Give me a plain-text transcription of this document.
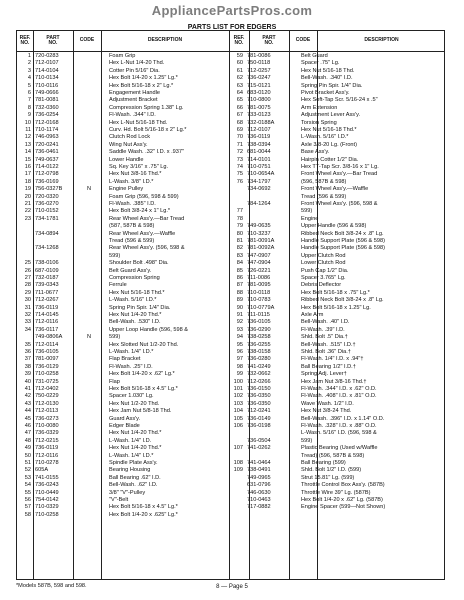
AppliancePartsPros.com
PARTS LIST FOR EDGERS
REF.
NO.
PART
NO.	CODE	DESCRIPTION	REF.
NO.
PART
NO.	CODE	DESCRIPTION
1 720-0283	Foam Grip
2 712-0107	Hex L-Nut 1/4-20 Thd.
3 714-0104	Cotter Pin 5/16" Dia.
4 710-0134	Hex Bolt 1/4-20 x 1.25" Lg.*
5 710-0116	Hex Bolt 5/16-18 x 2" Lg.*
6 749-0666	Engagement Handle
7 781-0081	Adjustment Bracket
8 732-0360	Compression Spring 1.38" Lg.
9 736-0254	Fl-Wash. .344" I.D.
10 712-0168	Hex L-Nut 5/16-18 Thd.
11 710-1174	Curv. Hd. Bolt 5/16-18 x 2" Lg.*
12 746-0963	Clutch Rod Lock
13 720-0241	Wing Nut Ass'y.
14 736-0461	Saddle Wash. .32" I.D. x .937"
15 749-0637	Lower Handle
16 714-0122	Sq. Key 3/16" x .75" Lg.
17 712-0798	Hex Nut 3/8-16 Thd.*
18 736-0169	L-Wash. 3/8" I.D.*
19 756-0327B	N	Engine Pulley
20 720-0320	Foam Grip (596, 598 & 599)
21 736-0270	Fl-Wash. .385" I.D.
22 710-0152	Hex Bolt 3/8-24 x 1" Lg.*
23 734-1781	Rear Wheel Ass'y.—Bar Tread
(587, 587B & 598)
734-0894	Rear Wheel Ass'y.—Waffle
Tread (596 & 599)
734-1268	Rear Wheel Ass'y. (596, 598 &
599)
25 738-0106	Shoulder Bolt .498" Dia.
26 687-0109	Belt Guard Ass'y.
27 732-0187	Compression Spring
28 739-0343	Ferrule
29 711-0677	Hex Nut 5/16-18 Thd.*
30 712-0267	L-Wash. 5/16" I.D.*
31 736-0119	Spring Pin Spir. 1/4" Dia.
32 714-0145	Hex Nut 1/4-20 Thd.*
33 712-0116	Bell-Wash. .530" I.D.
34 736-0117	Upper Loop Handle (596, 598 &
749-0806A	N	599)
35 712-0114	Hex Slotted Nut 1/2-20 Thd.
36 736-0105	L-Wash. 1/4" I.D.*
37 781-0097	Flap Bracket
38 736-0129	Fl-Wash. .25" I.D.
39 710-0258	Hex Bolt 1/4-20 x .62" Lg.*
40 731-0725	Flap
41 712-0402	Hex Bolt 5/16-18 x 4.5" Lg.*
42 750-0229	Spacer 1.030" Lg.
43 712-0130	Hex Nut 1/2-20 Thd.
44 712-0113	Hex Jam Nut 5/8-18 Thd.
45 736-0273	Guard Ass'y.
46 710-0080	Edger Blade
47 736-0329	Hex Nut 1/4-20 Thd.*
48 712-0215	L-Wash. 1/4" I.D.
49 736-0119	Hex Nut 1/4-20 Thd.*
50 712-0116	L-Wash. 1/4" I.D.*
51 710-0278	Spindle Plate Ass'y.
52 605A	Bearing Housing
53 741-0155	Ball Bearing .62" I.D.
54 736-0243	Bell-Wash. .62" I.D.
55 710-0449	3/8" "V"-Pulley
56 754-0142	"V"-Belt
57 710-0329	Hex Bolt 5/16-18 x 4.5" Lg.*
58 710-0258	Hex Bolt 1/4-20 x .625" Lg.*
59 781-0086	Belt Guard
60 750-0118	Spacer .75" Lg.
61 712-0257	Hex Nut 5/16-18 Thd.
62 736-0247	Bell-Wash. .340" I.D.
63 715-0121	Spring Pin Spir. 1/4" Dia.
64 683-0120	Pivot Bracket Ass'y.
65 710-0800	Hex Soft-Tap Scr. 5/16-24 x .5"
66 781-0075	Arm Extension
67 733-0123	Adjustment Lever Ass'y.
68 732-0188A	Torsion Spring
69 712-0107	Hex Nut 5/16-18 Thd.*
70 736-0119	L-Wash. 5/16" I.D.*
71 738-0394	Axle 3/8-20 Lg. (Front)
72 681-0044	Base Ass'y.
73 714-0101	Hairpin Cotter 1/2" Dia.
74 710-0751	Hex TT-Tap Scr. 3/8-16 x 1" Lg.
75 710-0654A	Front Wheel Ass'y.—Bar Tread
76 734-1797	(596, 587B & 598)
734-0692	Front Wheel Ass'y.—Waffle
Tread (596 & 599)
784-1264	Front Wheel Ass'y. (596, 598 &
77	599)
78	Engine
79 749-0635	Upper Handle (596 & 598)
80 710-3237	Ribbed Neck Bolt 3/8-24 x .8" Lg.
81 781-0091A	Handle Support Plate (596 & 598)
82 781-0092A	Handle Support Plate (596 & 598)
83 747-0907	Upper Clutch Rod
84 747-0904	Lower Clutch Rod
85 726-0221	Push Cap 1/2" Dia.
86 711-0086	Spacer 3.765" Lg.
87 781-0095	Debris Deflector
88 710-0118	Hex Bolt 5/16-18 x .75" Lg.*
89 710-0783	Ribbed Neck Bolt 3/8-24 x .8" Lg.
90 710-0779A	Hex Bolt 5/16-18 x 1.25" Lg.
91 711-0115	Axle Arm
92 736-0105	Bell-Wash. .40" I.D.
93 736-0290	Fl-Wash. .39" I.D.
94 738-0258	Shld. Bolt .5" Dia.†
95 736-0255	Bell-Wash. .515" I.D.†
96 738-0158	Shld. Bolt .36" Dia.†
97 736-0280	Fl-Wash. 1/4" I.D. x .94"†
98 741-0249	Ball Bearing 1/2" I.D.†
99 732-0662	Spring Adj. Lever†
100 712-0266	Hex Jam Nut 3/8-16 Thd.†
101 736-0150	Fl-Wash. .344" I.D. x .62" O.D.
102 736-0350	Fl-Wash. .408" I.D. x .81" O.D.
103 736-0350	Wave Wash. 1/2" I.D.
104 712-0241	Hex Nut 3/8-24 Thd.
105 736-0149	Bell-Wash. .396" I.D. x 1.14" O.D.
106 736-0198	Fl-Wash. .328" I.D. x .88" O.D.
L-Wash. 5/16" I.D. (596, 598 &
736-0504	599)
107 741-0262	Plastic Bearing (Used w/Waffle
Tread) (596, 587B & 598)
108 741-0464	Ball Bearing (599)
109 738-0491	Shld. Bolt 1/2" I.D. (599)
749-0965	Strut 15.81" Lg. (599)
631-0796	Throttle Control Box Ass'y. (587B)
746-0630	Throttle Wire 39" Lg. (587B)
710-0463	Hex Bolt 1/4-20 x .62" Lg. (587B)
717-0882	Engine Spacer (599—Not Shown)
*Models 587B, 598 and 598.	8 — Page 5
